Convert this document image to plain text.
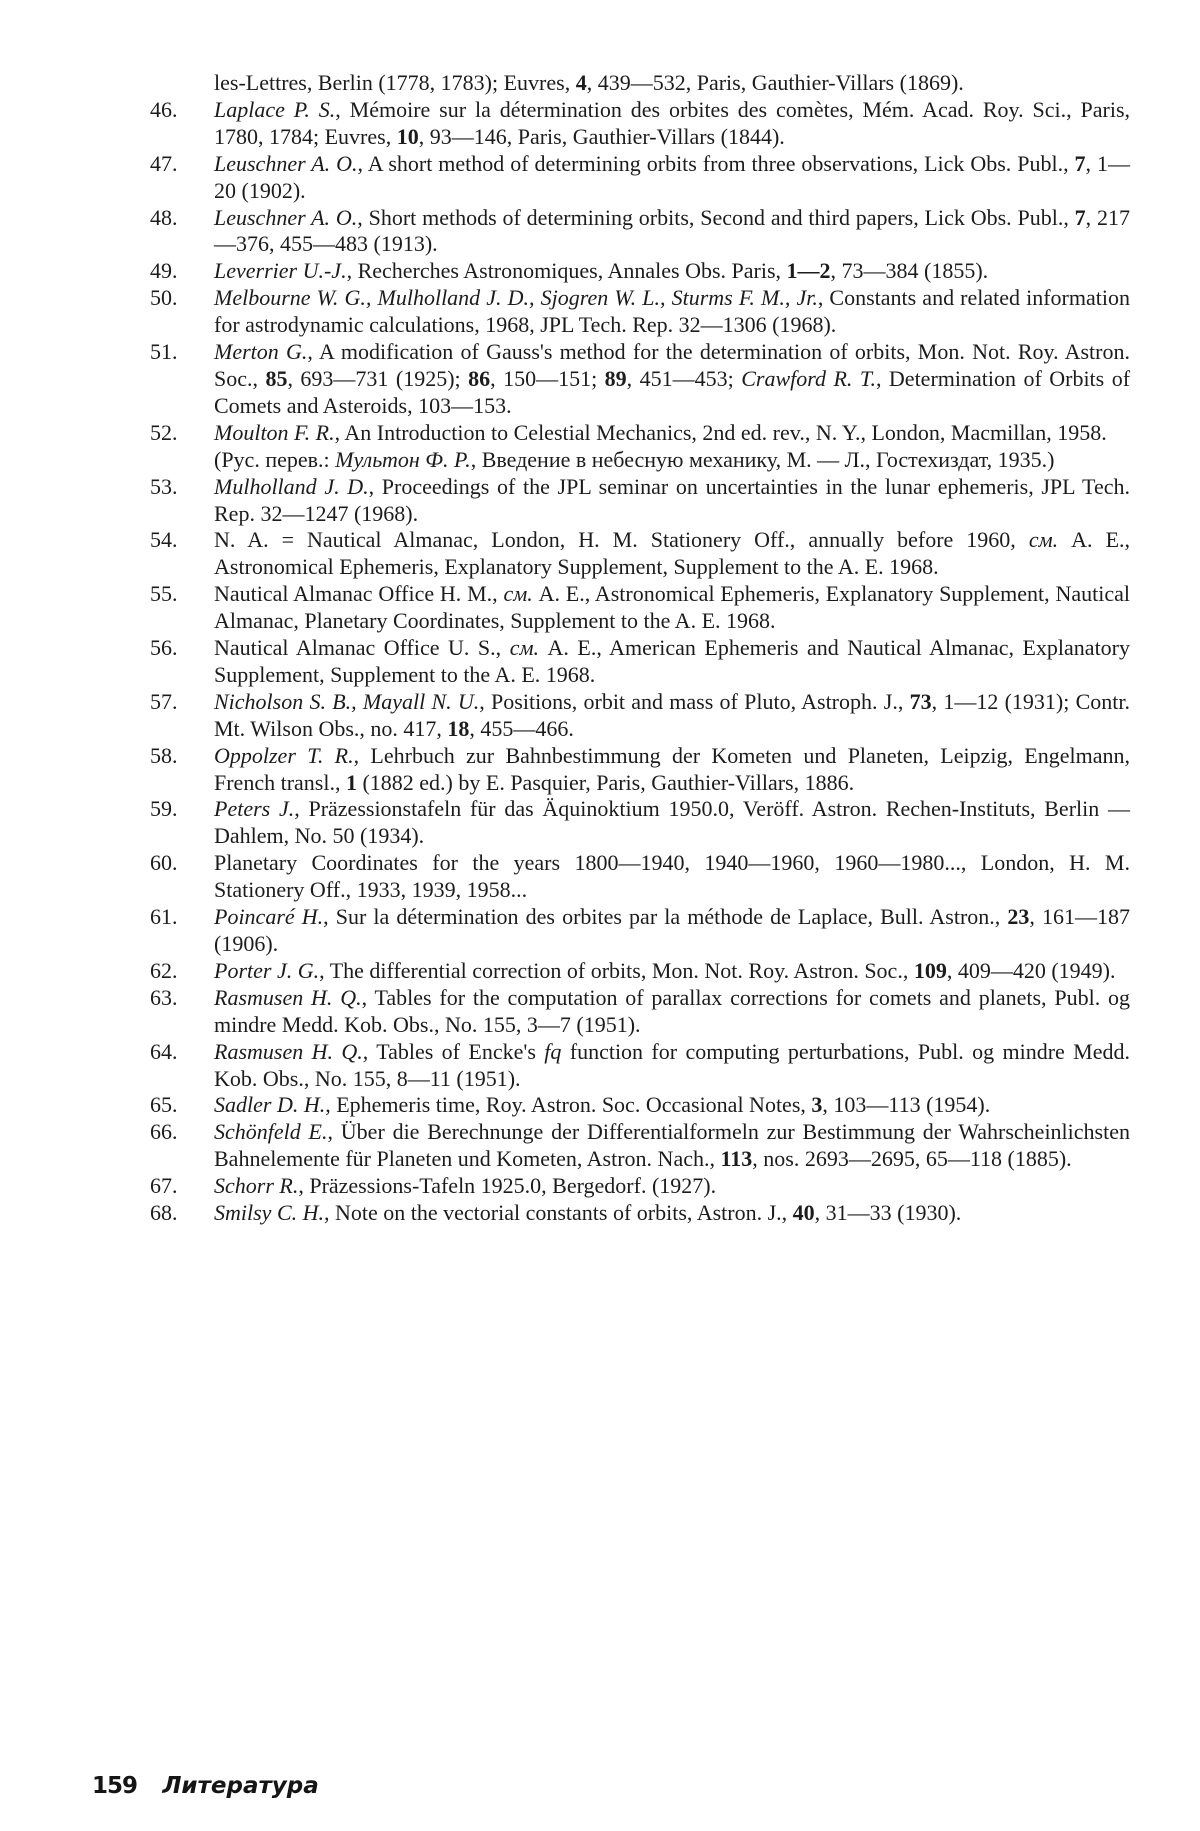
les-Lettres, Berlin (1778, 1783); Euvres, 4, 439—532, Paris, Gauthier-Villars (1869).
46.	Laplace P. S., Mémoire sur la détermination des orbites des comètes, Mém. Acad. Roy. Sci., Paris, 1780, 1784; Euvres, 10, 93—146, Paris, Gauthier-Villars (1844).
47.	Leuschner A. O., A short method of determining orbits from three observations, Lick Obs. Publ., 7, 1—20 (1902).
48.	Leuschner A. O., Short methods of determining orbits, Second and third papers, Lick Obs. Publ., 7, 217—376, 455—483 (1913).
49.	Leverrier U.-J., Recherches Astronomiques, Annales Obs. Paris, 1—2, 73—384 (1855).
50.	Melbourne W. G., Mulholland J. D., Sjogren W. L., Sturms F. M., Jr., Constants and related information for astrodynamic calculations, 1968, JPL Tech. Rep. 32—1306 (1968).
51.	Merton G., A modification of Gauss's method for the determination of orbits, Mon. Not. Roy. Astron. Soc., 85, 693—731 (1925); 86, 150—151; 89, 451—453; Crawford R. T., Determination of Orbits of Comets and Asteroids, 103—153.
52.	Moulton F. R., An Introduction to Celestial Mechanics, 2nd ed. rev., N. Y., London, Macmillan, 1958.
(Рус. перев.: Мультон Ф. Р., Введение в небесную механику, М. — Л., Гостехиздат, 1935.)
53.	Mulholland J. D., Proceedings of the JPL seminar on uncertainties in the lunar ephemeris, JPL Tech. Rep. 32—1247 (1968).
54.	N. A. = Nautical Almanac, London, H. M. Stationery Off., annually before 1960, см. A. E., Astronomical Ephemeris, Explanatory Supplement, Supplement to the A. E. 1968.
55.	Nautical Almanac Office H. M., см. A. E., Astronomical Ephemeris, Explanatory Supplement, Nautical Almanac, Planetary Coordinates, Supplement to the A. E. 1968.
56.	Nautical Almanac Office U. S., см. A. E., American Ephemeris and Nautical Almanac, Explanatory Supplement, Supplement to the A. E. 1968.
57.	Nicholson S. B., Mayall N. U., Positions, orbit and mass of Pluto, Astroph. J., 73, 1—12 (1931); Contr. Mt. Wilson Obs., no. 417, 18, 455—466.
58.	Oppolzer T. R., Lehrbuch zur Bahnbestimmung der Kometen und Planeten, Leipzig, Engelmann, French transl., 1 (1882 ed.) by E. Pasquier, Paris, Gauthier-Villars, 1886.
59.	Peters J., Präzessionstafeln für das Äquinoktium 1950.0, Veröff. Astron. Rechen-Instituts, Berlin — Dahlem, No. 50 (1934).
60.	Planetary Coordinates for the years 1800—1940, 1940—1960, 1960—1980..., London, H. M. Stationery Off., 1933, 1939, 1958...
61.	Poincaré H., Sur la détermination des orbites par la méthode de Laplace, Bull. Astron., 23, 161—187 (1906).
62.	Porter J. G., The differential correction of orbits, Mon. Not. Roy. Astron. Soc., 109, 409—420 (1949).
63.	Rasmusen H. Q., Tables for the computation of parallax corrections for comets and planets, Publ. og mindre Medd. Kob. Obs., No. 155, 3—7 (1951).
64.	Rasmusen H. Q., Tables of Encke's fq function for computing perturbations, Publ. og mindre Medd. Kob. Obs., No. 155, 8—11 (1951).
65.	Sadler D. H., Ephemeris time, Roy. Astron. Soc. Occasional Notes, 3, 103—113 (1954).
66.	Schönfeld E., Über die Berechnunge der Differentialformeln zur Bestimmung der Wahrscheinlichsten Bahnelemente für Planeten und Kometen, Astron. Nach., 113, nos. 2693—2695, 65—118 (1885).
67.	Schorr R., Präzessions-Tafeln 1925.0, Bergedorf. (1927).
68.	Smilsy C. H., Note on the vectorial constants of orbits, Astron. J., 40, 31—33 (1930).
159 Литература
